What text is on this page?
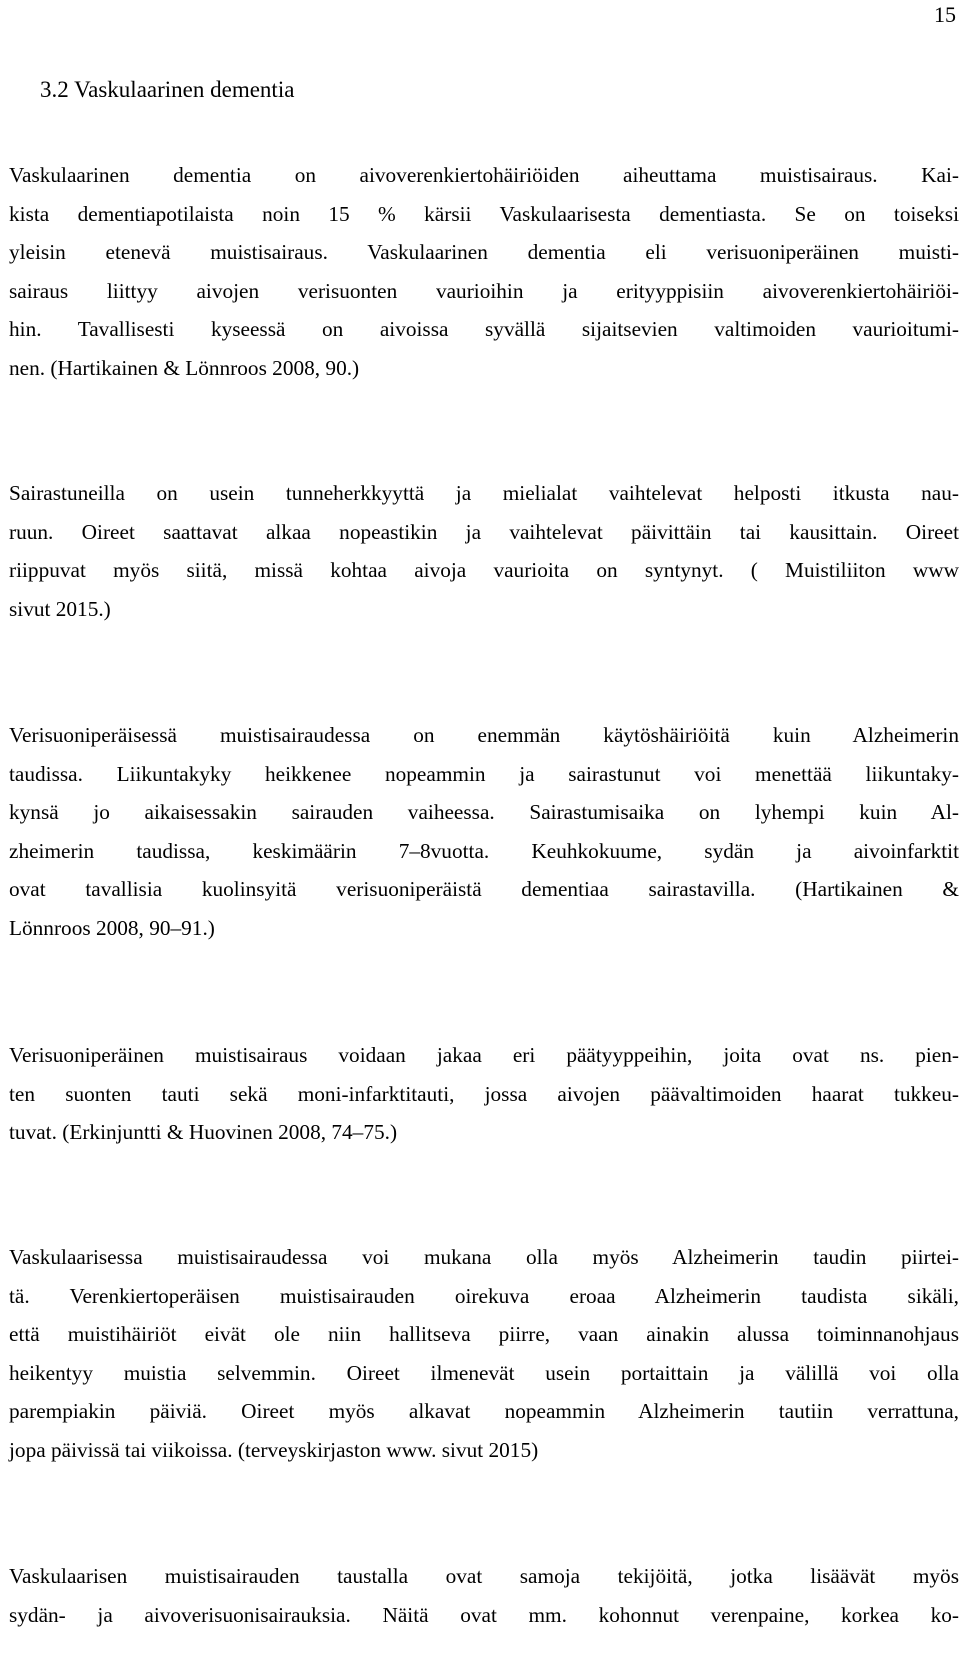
15
3.2 Vaskulaarinen dementia

Vaskulaarinen dementia on aivoverenkiertohäiriöiden aiheuttama muistisairaus. Kai-
kista dementiapotilaista noin 15 % kärsii Vaskulaarisesta dementiasta. Se on toiseksi
yleisin etenevä muistisairaus. Vaskulaarinen dementia eli verisuoniperäinen muisti-
sairaus liittyy aivojen verisuonten vaurioihin ja erityyppisiin aivoverenkiertohäiriöi-
hin. Tavallisesti kyseessä on aivoissa syvällä sijaitsevien valtimoiden vaurioitumi-
nen. (Hartikainen & Lönnroos 2008, 90.)

Sairastuneilla on usein tunneherkkyyttä ja mielialat vaihtelevat helposti itkusta nau-
ruun. Oireet saattavat alkaa nopeastikin ja vaihtelevat päivittäin tai kausittain. Oireet
riippuvat myös siitä, missä kohtaa aivoja vaurioita on syntynyt. ( Muistiliiton www
sivut 2015.)

Verisuoniperäisessä muistisairaudessa on enemmän käytöshäiriöitä kuin Alzheimerin
taudissa. Liikuntakyky heikkenee nopeammin ja sairastunut voi menettää liikuntaky-
kynsä jo aikaisessakin sairauden vaiheessa. Sairastumisaika on lyhempi kuin Al-
zheimerin taudissa, keskimäärin 7–8vuotta. Keuhkokuume, sydän ja aivoinfarktit
ovat tavallisia kuolinsyitä verisuoniperäistä dementiaa sairastavilla. (Hartikainen &
Lönnroos 2008, 90–91.)

Verisuoniperäinen muistisairaus voidaan jakaa eri päätyyppeihin, joita ovat ns. pien-
ten suonten tauti sekä moni-infarktitauti, jossa aivojen päävaltimoiden haarat tukkeu-
tuvat. (Erkinjuntti & Huovinen 2008, 74–75.)

Vaskulaarisessa muistisairaudessa voi mukana olla myös Alzheimerin taudin piirtei-
tä. Verenkiertoperäisen muistisairauden oirekuva eroaa Alzheimerin taudista sikäli,
että muistihäiriöt eivät ole niin hallitseva piirre, vaan ainakin alussa toiminnanohjaus
heikentyy muistia selvemmin. Oireet ilmenevät usein portaittain ja välillä voi olla
parempiakin päiviä. Oireet myös alkavat nopeammin Alzheimerin tautiin verrattuna,
jopa päivissä tai viikoissa. (terveyskirjaston www. sivut 2015)

Vaskulaarisen muistisairauden taustalla ovat samoja tekijöitä, jotka lisäävät myös
sydän- ja aivoverisuonisairauksia. Näitä ovat mm. kohonnut verenpaine, korkea ko-
